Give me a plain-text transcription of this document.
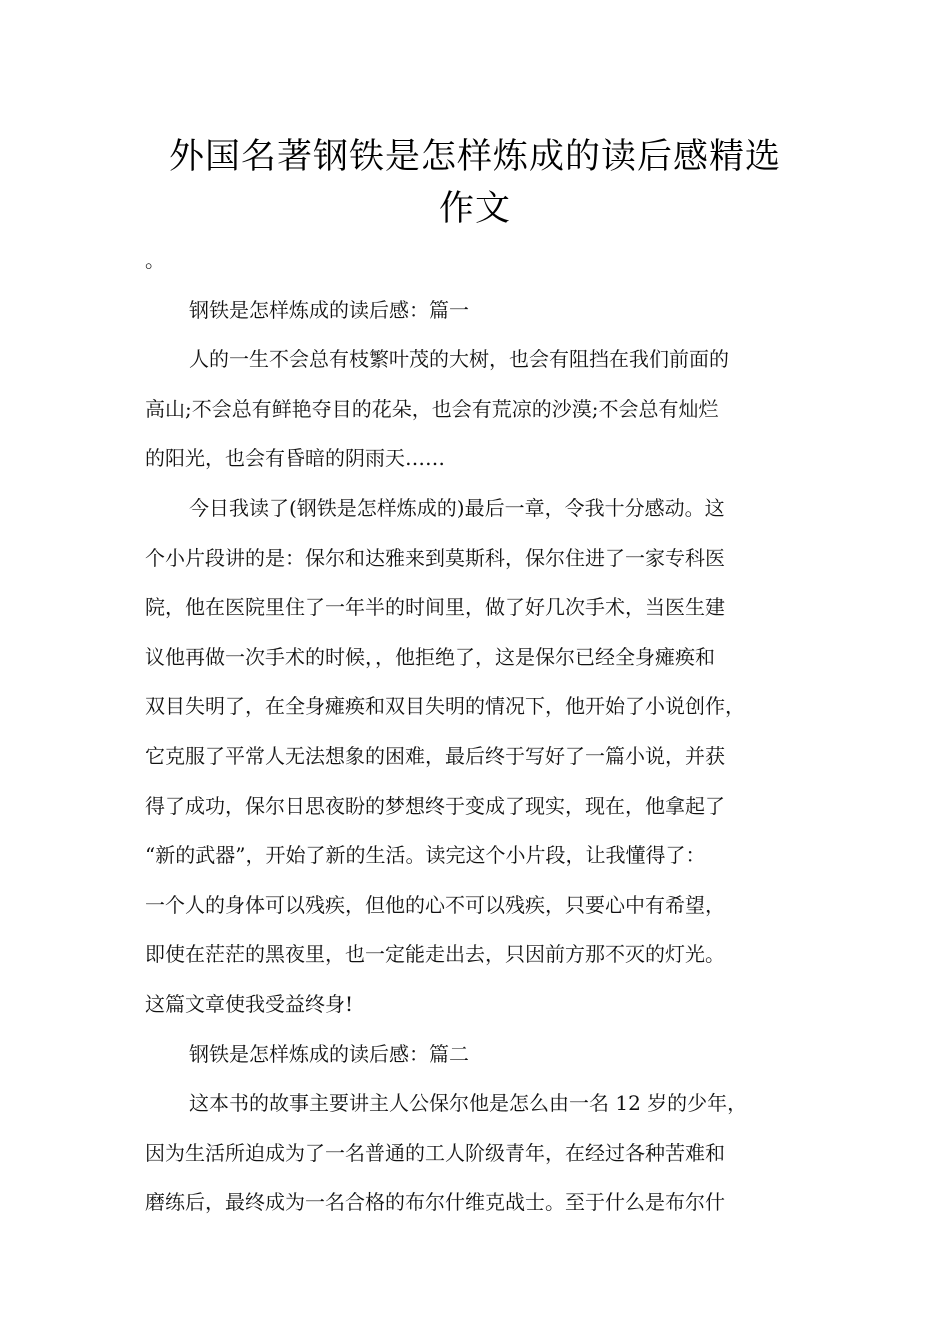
外国名著钢铁是怎样炼成的读后感精选
作文
。
钢铁是怎样炼成的读后感：篇一
人的一生不会总有枝繁叶茂的大树，也会有阻挡在我们前面的
高山;不会总有鲜艳夺目的花朵，也会有荒凉的沙漠;不会总有灿烂
的阳光，也会有昏暗的阴雨天……
今日我读了(钢铁是怎样炼成的)最后一章，令我十分感动。这
个小片段讲的是：保尔和达雅来到莫斯科，保尔住进了一家专科医
院，他在医院里住了一年半的时间里，做了好几次手术，当医生建
议他再做一次手术的时候，，他拒绝了，这是保尔已经全身瘫痪和
双目失明了，在全身瘫痪和双目失明的情况下，他开始了小说创作，
它克服了平常人无法想象的困难，最后终于写好了一篇小说，并获
得了成功，保尔日思夜盼的梦想终于变成了现实，现在，他拿起了
“新的武器”，开始了新的生活。读完这个小片段，让我懂得了：
一个人的身体可以残疾，但他的心不可以残疾，只要心中有希望，
即使在茫茫的黑夜里，也一定能走出去，只因前方那不灭的灯光。
这篇文章使我受益终身!
钢铁是怎样炼成的读后感：篇二
这本书的故事主要讲主人公保尔他是怎么由一名 12 岁的少年，
因为生活所迫成为了一名普通的工人阶级青年，在经过各种苦难和
磨练后，最终成为一名合格的布尔什维克战士。至于什么是布尔什
